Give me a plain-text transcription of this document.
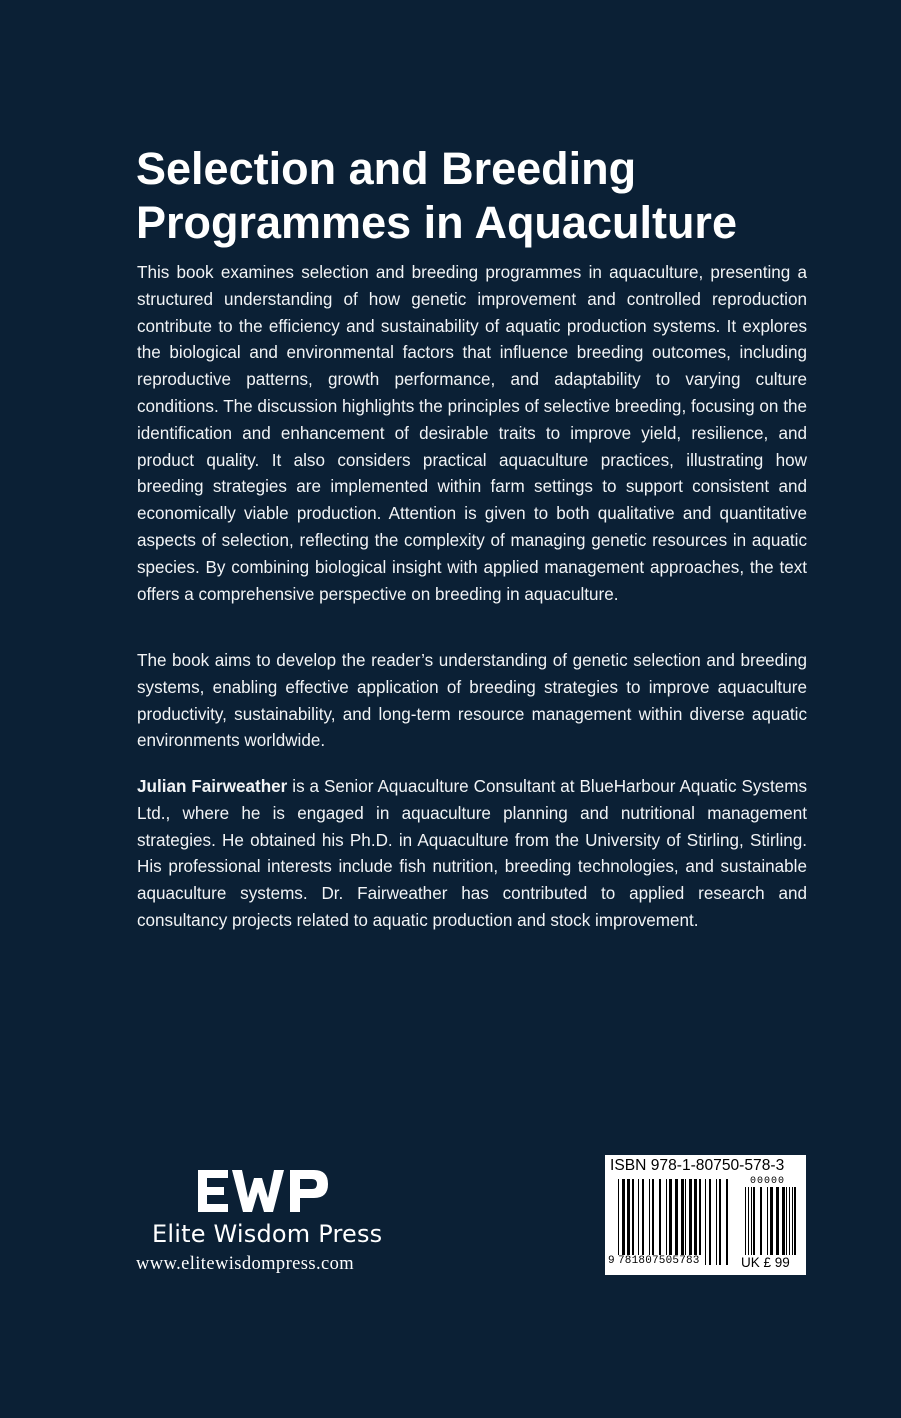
Selection and Breeding
Programmes in Aquaculture

This book examines selection and breeding programmes in aquaculture, presenting a structured understanding of how genetic improvement and controlled reproduction contribute to the efficiency and sustainability of aquatic production systems. It explores the biological and environmental factors that influence breeding outcomes, including reproductive patterns, growth performance, and adaptability to varying culture conditions. The discussion highlights the principles of selective breeding, focusing on the identification and enhancement of desirable traits to improve yield, resilience, and product quality. It also considers practical aquaculture practices, illustrating how breeding strategies are implemented within farm settings to support consistent and economically viable production. Attention is given to both qualitative and quantitative aspects of selection, reflecting the complexity of managing genetic resources in aquatic species. By combining biological insight with applied management approaches, the text offers a comprehensive perspective on breeding in aquaculture.

The book aims to develop the reader’s understanding of genetic selection and breeding systems, enabling effective application of breeding strategies to improve aquaculture productivity, sustainability, and long-term resource management within diverse aquatic environments worldwide.

Julian Fairweather is a Senior Aquaculture Consultant at BlueHarbour Aquatic Systems Ltd., where he is engaged in aquaculture planning and nutritional management strategies. He obtained his Ph.D. in Aquaculture from the University of Stirling, Stirling. His professional interests include fish nutrition, breeding technologies, and sustainable aquaculture systems. Dr. Fairweather has contributed to applied research and consultancy projects related to aquatic production and stock improvement.

Elite Wisdom Press
www.elitewisdompress.com
ISBN 978-1-80750-578-3
00000
9 781807505783	UK £ 99
